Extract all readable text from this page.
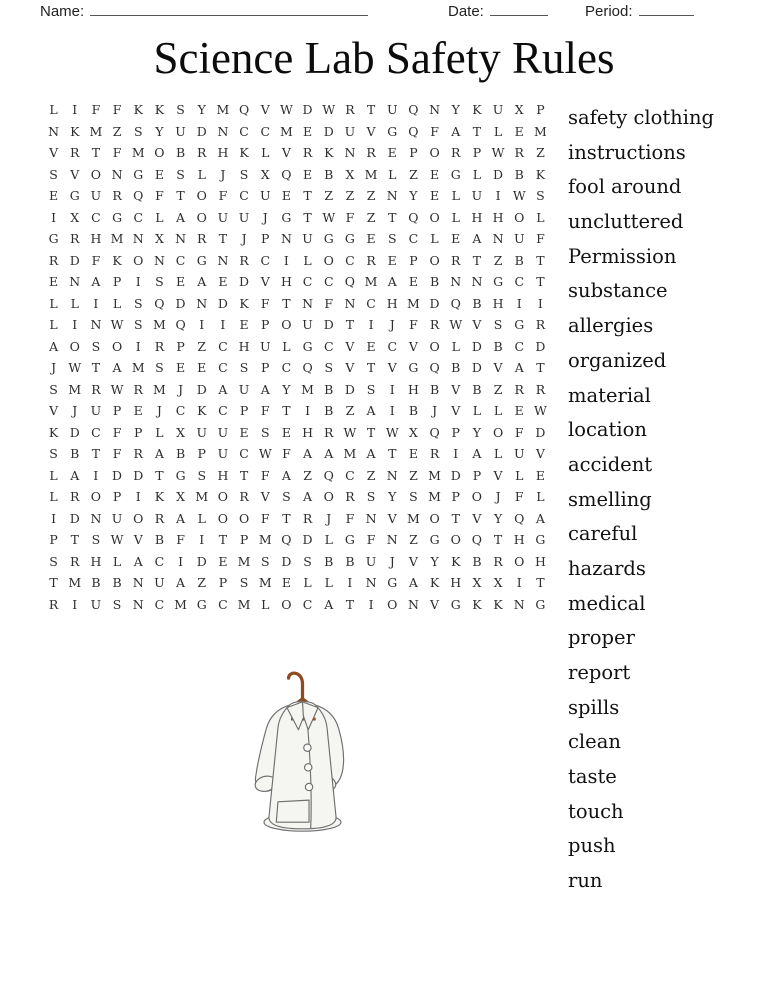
Name:	Date:	Period:
Science Lab Safety Rules
L	I	F F K K S	Y M Q V W D W R T U Q N Y K U X	P
N K M Z	S	Y U D N C C M E D U V G Q F A T	L E M
V R T	F M O B R H K L	V R K N R E P O R P W R Z
S V O N G E S	L	J	S X Q E B X M L	Z E G L D B K
E G U R Q F	T O F C U E T	Z Z Z N Y E L U	I W S
I	X C G C L A O U U	J	G T W F Z	T Q O L H H O L
G R H M N X N R T	J	P N U G G E S C L E A N U F
R D F K O N C G N R C	I	L O C R E P O R T	Z B T
E N A P	I	S E A E D V H C C Q M A E B N N G C T
L	L	I	L	S Q D N D K F	T N F N C H M D Q B H	I	I
L	I	N W S M Q	I	I	E P O U D T	I	J	F R W V S G R
A O S O	I	R P	Z C H U L G C V E C V O L D B C D
J W T A M S E E C S	P C Q S V T V G Q B D V A T
S M R W R M J	D A U A	Y M B D S	I	H B V B Z R R
V	J	U P E	J	C K C P	F	T	I	B Z A	I	B	J	V	L	L E W
K D C F	P	L	X U U E S E H R W T W X Q P	Y O F D
S B T	F R A B P U C W F A A M A T E R	I	A L U V
L A	I	D D T G S H T	F A Z Q C Z N Z M D P V	L E
L R O P	I	K X M O R V S A O R S	Y	S M P O	J	F	L
I	D N U O R A	L O O F	T R	J	F N V M O T V	Y Q A
P	T	S W V B F	I	T	P M Q D L G F N Z G O Q T H G
S R H L	A C	I	D E M S D S B B U	J	V	Y K B R O H
T M B B N U A Z	P	S M E L	L	I	N G A K H X X	I	T
R	I	U S N C M G C M L O C A T	I	O N V G K K N G
safety clothing
instructions
fool around
uncluttered
Permission
substance
allergies
organized
material
location
accident
smelling
careful
hazards
medical
proper
report
spills
clean
taste
touch
push
run
